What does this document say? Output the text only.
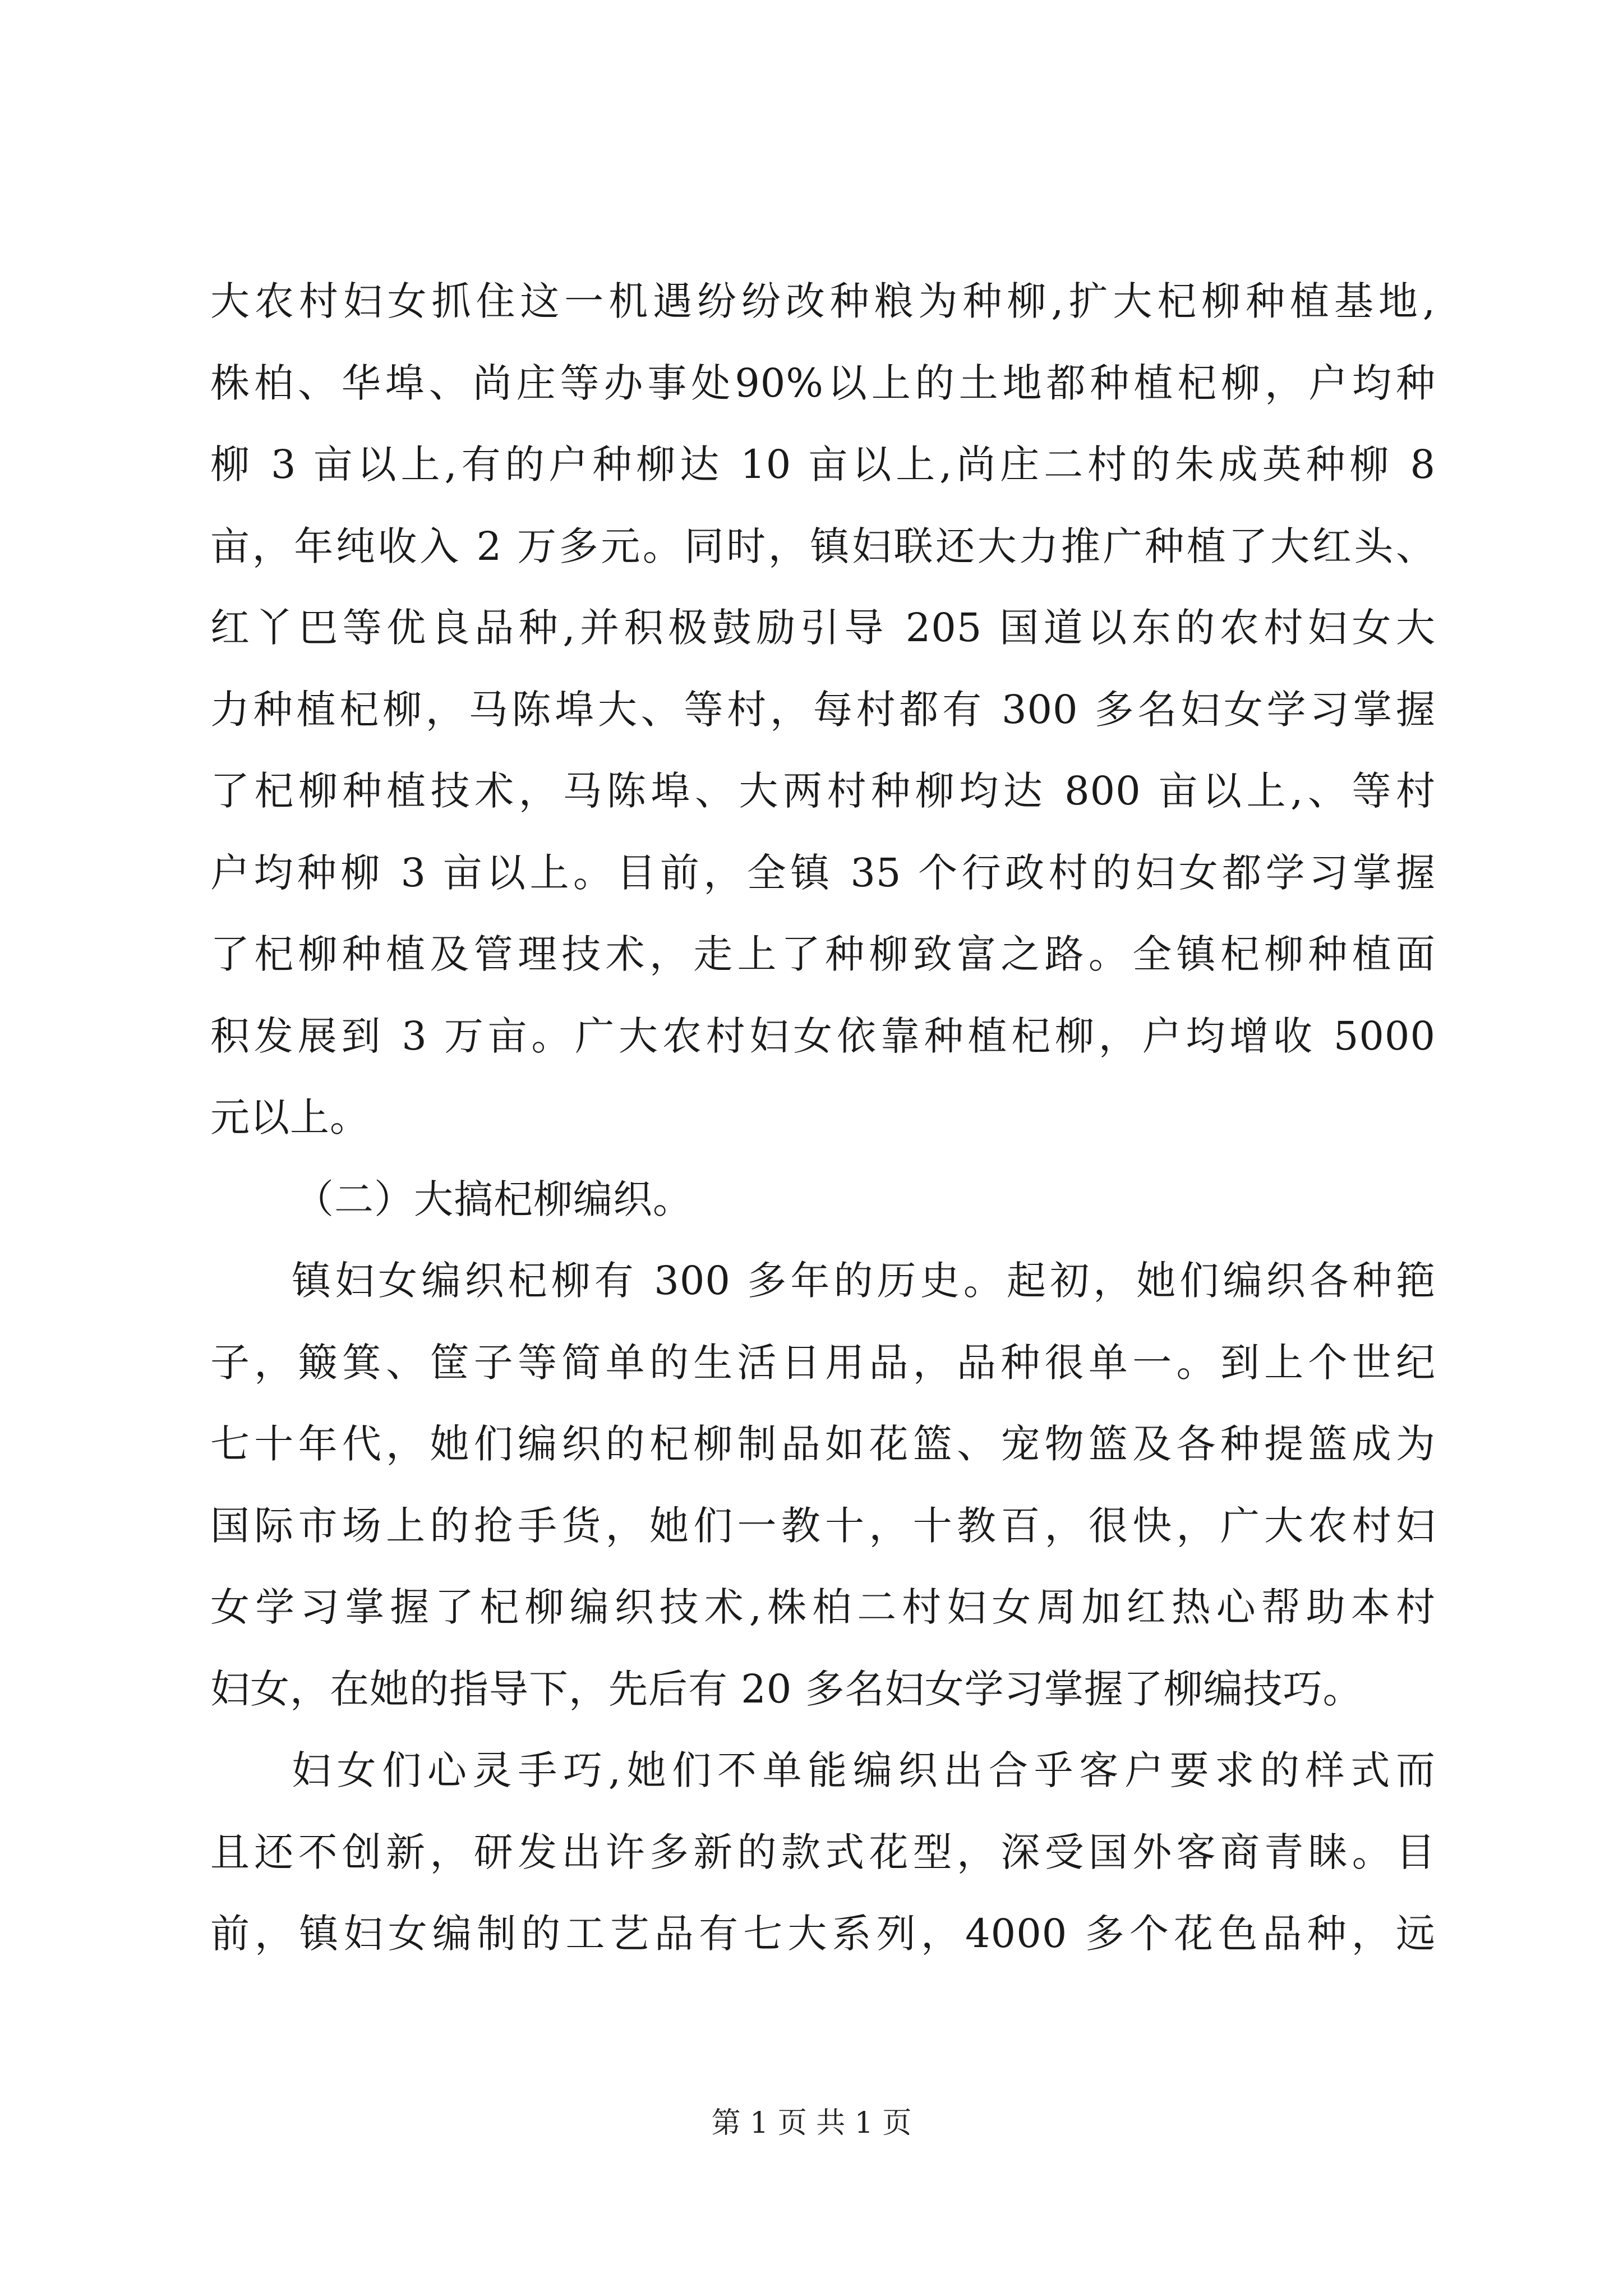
大农村妇女抓住这一机遇纷纷改种粮为种柳,扩大杞柳种植基地,
株柏、华埠、尚庄等办事处90%以上的土地都种植杞柳，户均种
柳 3 亩以上,有的户种柳达 10 亩以上,尚庄二村的朱成英种柳 8
亩，年纯收入 2 万多元。同时，镇妇联还大力推广种植了大红头、
红丫巴等优良品种,并积极鼓励引导 205 国道以东的农村妇女大
力种植杞柳，马陈埠大、等村，每村都有 300 多名妇女学习掌握
了杞柳种植技术，马陈埠、大两村种柳均达 800 亩以上,、等村
户均种柳 3 亩以上。目前，全镇 35 个行政村的妇女都学习掌握
了杞柳种植及管理技术，走上了种柳致富之路。全镇杞柳种植面
积发展到 3 万亩。广大农村妇女依靠种植杞柳，户均增收 5000
元以上。
（二）大搞杞柳编织。
镇妇女编织杞柳有 300 多年的历史。起初，她们编织各种筢
子，簸箕、筐子等简单的生活日用品，品种很单一。到上个世纪
七十年代，她们编织的杞柳制品如花篮、宠物篮及各种提篮成为
国际市场上的抢手货，她们一教十，十教百，很快，广大农村妇
女学习掌握了杞柳编织技术,株柏二村妇女周加红热心帮助本村
妇女，在她的指导下，先后有 20 多名妇女学习掌握了柳编技巧。
妇女们心灵手巧,她们不单能编织出合乎客户要求的样式而
且还不创新，研发出许多新的款式花型，深受国外客商青睐。目
前，镇妇女编制的工艺品有七大系列，4000 多个花色品种，远
第 1 页 共 1 页
